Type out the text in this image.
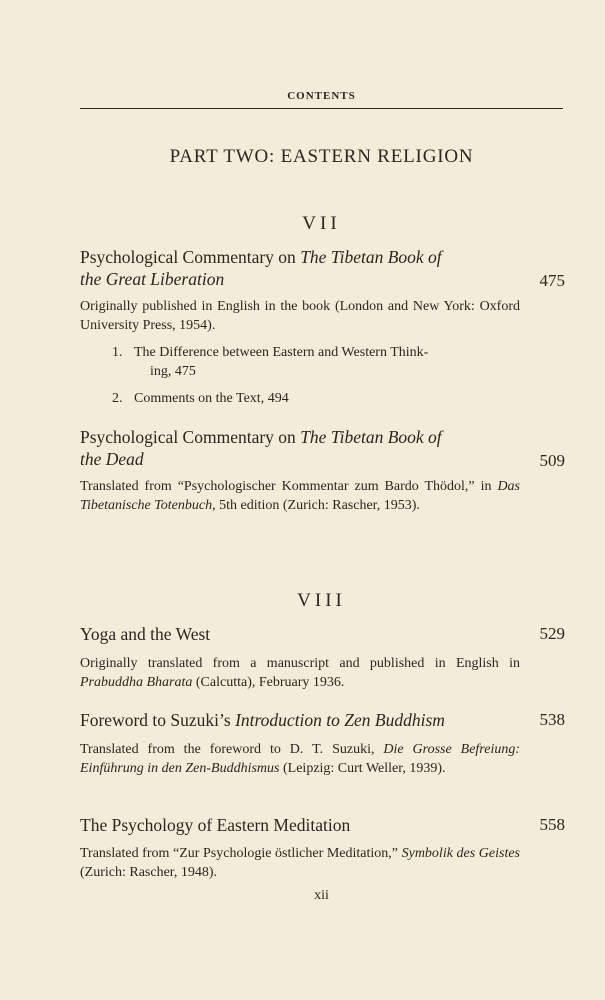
CONTENTS
PART TWO: EASTERN RELIGION
VII
Psychological Commentary on The Tibetan Book of
the Great Liberation	475
Originally published in English in the book (London and New York: Oxford University Press, 1954).
1. The Difference between Eastern and Western Think-
ing, 475
2. Comments on the Text, 494
Psychological Commentary on The Tibetan Book of
the Dead	509
Translated from “Psychologischer Kommentar zum Bardo Thödol,” in Das Tibetanische Totenbuch, 5th edition (Zurich: Rascher, 1953).
VIII
Yoga and the West	529
Originally translated from a manuscript and published in English in Prabuddha Bharata (Calcutta), February 1936.
Foreword to Suzuki’s Introduction to Zen Buddhism	538
Translated from the foreword to D. T. Suzuki, Die Grosse Befreiung: Einführung in den Zen-Buddhismus (Leipzig: Curt Weller, 1939).
The Psychology of Eastern Meditation	558
Translated from “Zur Psychologie östlicher Meditation,” Symbolik des Geistes (Zurich: Rascher, 1948).
xii
